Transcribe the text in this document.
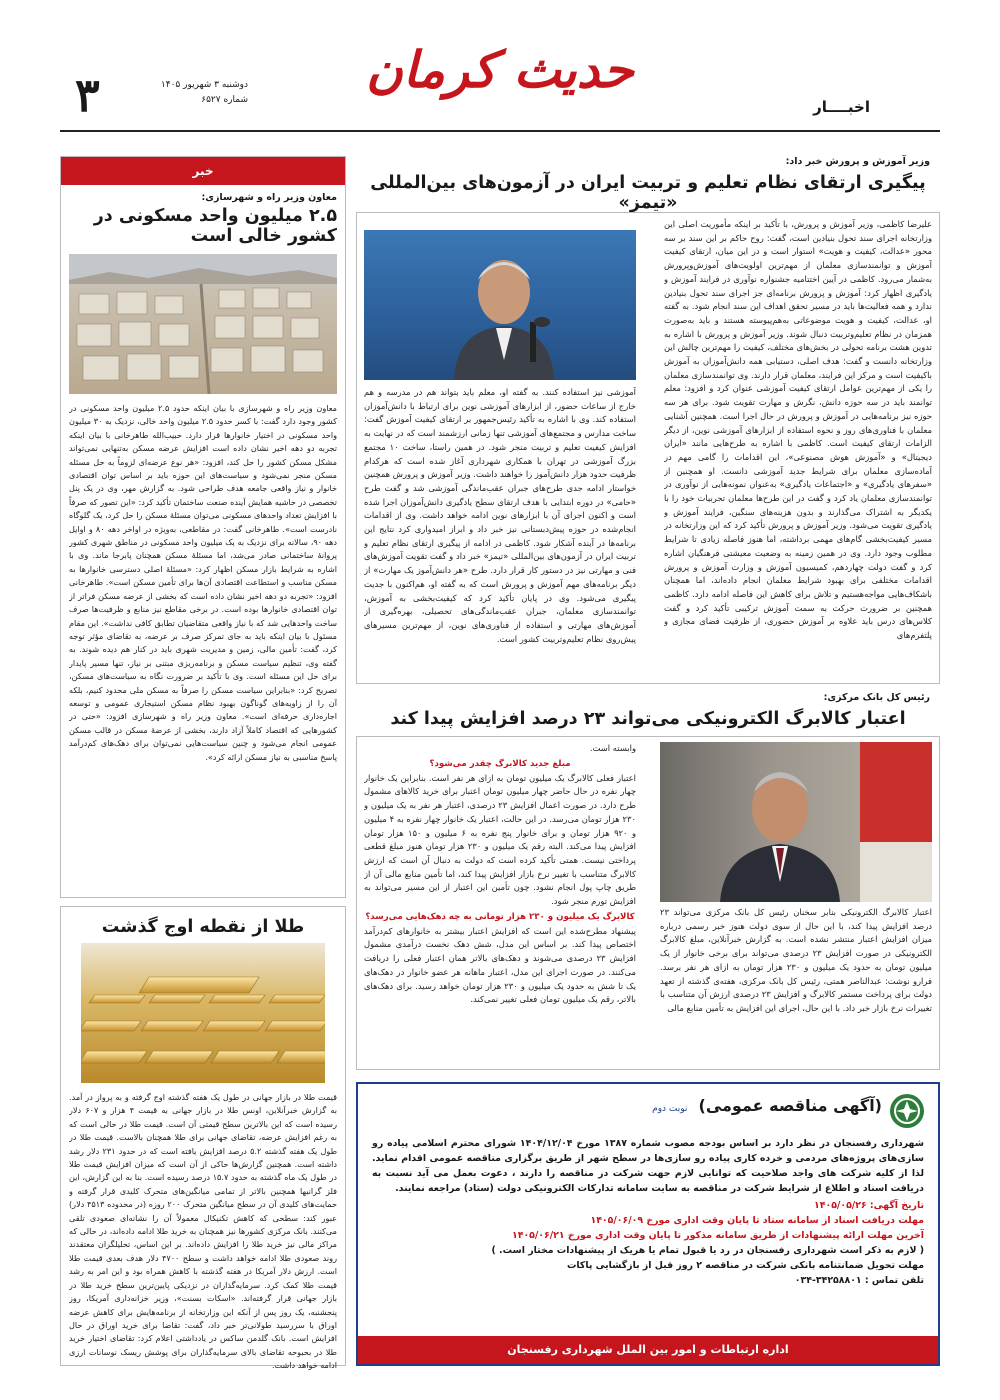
اخبــــار
حدیث کرمان
۳	دوشنبه ۳ شهریور ۱۴۰۵
شماره ۶۵۲۷
خبر
معاون وزیر راه و شهرسازی:
۲.۵ میلیون واحد مسکونی در کشور خالی است
معاون وزیر راه و شهرسازی با بیان اینکه حدود ۲.۵ میلیون واحد مسکونی در کشور وجود دارد گفت: با کسر حدود ۲.۵ میلیون واحد خالی، نزدیک به ۳۰ میلیون واحد مسکونی در اختیار خانوارها قرار دارد. حبیب‌الله طاهرخانی با بیان اینکه تجربه دو دهه اخیر نشان داده است افزایش عرضه مسکن به‌تنهایی نمی‌تواند مشکل مسکن کشور را حل کند، افزود: «هر نوع عرضه‌ای لزوماً به حل مسئله مسکن منجر نمی‌شود و سیاست‌های این حوزه باید بر اساس توان اقتصادی خانوار و نیاز واقعی جامعه هدف طراحی شود. به گزارش مهر، وی در یک پنل تخصصی در حاشیه همایش آینده صنعت ساختمان تأکید کرد: «این تصور که صرفاً با افزایش تعداد واحدهای مسکونی می‌توان مسئلهٔ مسکن را حل کرد، یک گلوگاه نادرست است». طاهرخانی گفت: در مقاطعی، به‌ویژه در اواخر دهه ۸۰ و اوایل دهه ۹۰، سالانه برای نزدیک به یک میلیون واحد مسکونی در مناطق شهری کشور پروانهٔ ساختمانی صادر می‌شد، اما مسئلهٔ مسکن همچنان پابرجا ماند. وی با اشاره به شرایط بازار مسکن اظهار کرد: «مسئلهٔ اصلی دسترسی خانوارها به مسکن مناسب و استطاعت اقتصادی آن‌ها برای تأمین مسکن است». طاهرخانی افزود: «تجربه دو دهه اخیر نشان داده است که بخشی از عرضه مسکن فراتر از توان اقتصادی خانوارها بوده است. در برخی مقاطع نیز منابع و ظرفیت‌ها صرف ساخت واحدهایی شد که با نیاز واقعی متقاضیان تطابق کافی نداشت». این مقام مسئول با بیان اینکه باید به جای تمرکز صرف بر عرضه، به تقاضای مؤثر توجه کرد، گفت: تأمین مالی، زمین و مدیریت شهری باید در کنار هم دیده شوند. به گفته وی، تنظیم سیاست مسکن و برنامه‌ریزی مبتنی بر نیاز، تنها مسیر پایدار برای حل این مسئله است. وی با تأکید بر ضرورت نگاه به سیاست‌های مسکن، تصریح کرد: «بنابراین سیاست مسکن را صرفاً به مسکن ملی محدود کنیم، بلکه آن را از زاویه‌های گوناگون بهبود نظام مسکن استیجاری عمومی و توسعه اجاره‌داری حرفه‌ای است». معاون وزیر راه و شهرسازی افزود: «حتی در کشورهایی که اقتصاد کاملاً آزاد دارند، بخشی از عرضهٔ مسکن در قالب مسکن عمومی انجام می‌شود و چنین سیاست‌هایی نمی‌توان برای دهک‌های کم‌درآمد پاسخ مناسبی به نیاز مسکن ارائه کرد».
طلا از نقطه اوج گذشت
قیمت طلا در بازار جهانی در طول یک هفته گذشته اوج گرفته و به پرواز در آمد. به گزارش خبرآنلاین، اونس طلا در بازار جهانی به قیمت ۴ هزار و ۶۰۷ دلار رسیده است که این بالاترین سطح قیمتی آن است. قیمت طلا در حالی است که به رغم افزایش عرضه، تقاضای جهانی برای طلا همچنان بالاست. قیمت طلا در طول یک هفته گذشته ۵.۲ درصد افزایش یافته است که در حدود ۲۳۱ دلار رشد داشته است. همچنین گزارش‌ها حاکی از آن است که میزان افزایش قیمت طلا در طول یک ماه گذشته به حدود ۱۵.۷ درصد رسیده است. بنا به این گزارش، این فلز گرانبها همچنین بالاتر از تمامی میانگین‌های متحرک کلیدی قرار گرفته و حمایت‌های کلیدی آن در سطح میانگین متحرک ۲۰۰ روزه (در محدوده ۴۵۱۳ دلار) عبور کند: سطحی که کاهش تکنیکال معمولاً آن را نشانه‌ای صعودی تلقی می‌کنند. بانک مرکزی کشورها نیز همچنان به خرید طلا ادامه داده‌اند، در حالی که مراکز مالی نیز خرید طلا را افزایش داده‌اند. بر این اساس، تحلیلگران معتقدند روند صعودی طلا ادامه خواهد داشت و سطح ۴۷۰۰ دلار هدف بعدی قیمت طلا است. ارزش دلار آمریکا در هفته گذشته با کاهش همراه بود و این امر به رشد قیمت طلا کمک کرد. سرمایه‌گذاران در نزدیکی پایین‌ترین سطح خرید طلا در بازار جهانی قرار گرفته‌اند. «اسکات بسنت»، وزیر خزانه‌داری آمریکا، روز پنجشنبه، یک روز پس از آنکه این وزارتخانه از برنامه‌هایش برای کاهش عرضه اوراق با سررسید طولانی‌تر خبر داد، گفت: تقاضا برای خرید اوراق در حال افزایش است. بانک گلدمن ساکس در یادداشتی اعلام کرد: تقاضای اختیار خرید طلا در بحبوحه تقاضای بالای سرمایه‌گذاران برای پوشش ریسک نوسانات ارزی ادامه خواهد داشت.
وزیر آموزش و پرورش خبر داد:
پیگیری ارتقای نظام تعلیم و تربیت ایران در آزمون‌های بین‌المللی «تیمز»
علیرضا کاظمی، وزیر آموزش و پرورش، با تأکید بر اینکه مأموریت اصلی این وزارتخانه اجرای سند تحول بنیادین است، گفت: روح حاکم بر این سند بر سه محور «عدالت، کیفیت و هویت» استوار است و در این میان، ارتقای کیفیت آموزش و توانمندسازی معلمان از مهم‌ترین اولویت‌های آموزش‌وپرورش به‌شمار می‌رود. کاظمی در آیین اختتامیه جشنواره نوآوری در فرایند آموزش و یادگیری اظهار کرد: آموزش و پرورش برنامه‌ای جز اجرای سند تحول بنیادین ندارد و همه فعالیت‌ها باید در مسیر تحقق اهداف این سند انجام شود. به گفته او، عدالت، کیفیت و هویت موضوعاتی به‌هم‌پیوسته هستند و باید به‌صورت همزمان در نظام تعلیم‌وتربیت دنبال شوند. وزیر آموزش و پرورش با اشاره به تدوین هشت برنامه تحولی در بخش‌های مختلف، کیفیت را مهم‌ترین چالش این وزارتخانه دانست و گفت: هدف اصلی، دستیابی همه دانش‌آموزان به آموزش باکیفیت است و مرکز این فرایند، معلمان قرار دارند. وی توانمندسازی معلمان را یکی از مهم‌ترین عوامل ارتقای کیفیت آموزشی عنوان کرد و افزود: معلم توانمند باید در سه حوزه دانش، نگرش و مهارت تقویت شود. برای هر سه حوزه نیز برنامه‌هایی در آموزش و پرورش در حال اجرا است. همچنین آشنایی معلمان با فناوری‌های روز و نحوه استفاده از ابزارهای آموزشی نوین، از دیگر الزامات ارتقای کیفیت است. کاظمی با اشاره به طرح‌هایی مانند «ایران دیجیتال» و «آموزش هوش مصنوعی»، این اقدامات را گامی مهم در آماده‌سازی معلمان برای شرایط جدید آموزشی دانست. او همچنین از «سفرهای یادگیری» و «اجتماعات یادگیری» به‌عنوان نمونه‌هایی از نوآوری در توانمندسازی معلمان یاد کرد و گفت در این طرح‌ها معلمان تجربیات خود را با یکدیگر به اشتراک می‌گذارند و بدون هزینه‌های سنگین، فرایند آموزش و یادگیری تقویت می‌شود. وزیر آموزش و پرورش تأکید کرد که این وزارتخانه در مسیر کیفیت‌بخشی گام‌های مهمی برداشته، اما هنوز فاصله زیادی تا شرایط مطلوب وجود دارد. وی در همین زمینه به وضعیت معیشتی فرهنگیان اشاره کرد و گفت دولت چهاردهم، کمیسیون آموزش و وزارت آموزش و پرورش اقدامات مختلفی برای بهبود شرایط معلمان انجام داده‌اند، اما همچنان باشکاف‌هایی مواجه‌هستیم و تلاش برای کاهش این فاصله ادامه دارد. کاظمی همچنین بر ضرورت حرکت به سمت آموزش ترکیبی تأکید کرد و گفت کلاس‌های درس باید علاوه بر آموزش حضوری، از ظرفیت فضای مجازی و پلتفرم‌های
آموزشی نیز استفاده کنند. به گفته او، معلم باید بتواند هم در مدرسه و هم خارج از ساعات حضور، از ابزارهای آموزشی نوین برای ارتباط با دانش‌آموزان استفاده کند. وی با اشاره به تأکید رئیس‌جمهور بر ارتقای کیفیت آموزش گفت: ساخت مدارس و مجتمع‌های آموزشی تنها زمانی ارزشمند است که در نهایت به افزایش کیفیت تعلیم و تربیت منجر شود. در همین راستا، ساخت ۱۰ مجتمع بزرگ آموزشی در تهران با همکاری شهرداری آغاز شده است که هرکدام ظرفیت حدود هزار دانش‌آموز را خواهند داشت. وزیر آموزش و پرورش همچنین خواستار ادامه جدی طرح‌های جبران عقب‌ماندگی آموزشی شد و گفت طرح «حامی» در دوره ابتدایی با هدف ارتقای سطح یادگیری دانش‌آموزان اجرا شده است و اکنون اجرای آن با ابزارهای نوین ادامه خواهد داشت. وی از اقدامات انجام‌شده در حوزه پیش‌دبستانی نیز خبر داد و ابراز امیدواری کرد نتایج این برنامه‌ها در آینده آشکار شود. کاظمی در ادامه از پیگیری ارتقای نظام تعلیم و تربیت ایران در آزمون‌های بین‌المللی «تیمز» خبر داد و گفت تقویت آموزش‌های فنی و مهارتی نیز در دستور کار قرار دارد. طرح «هر دانش‌آموز یک مهارت» از دیگر برنامه‌های مهم آموزش و پرورش است که به گفته او، هم‌اکنون با جدیت پیگیری می‌شود. وی در پایان تأکید کرد که کیفیت‌بخشی به آموزش، توانمندسازی معلمان، جبران عقب‌ماندگی‌های تحصیلی، بهره‌گیری از آموزش‌های مهارتی و استفاده از فناوری‌های نوین، از مهم‌ترین مسیرهای پیش‌روی نظام تعلیم‌وتربیت کشور است.
رئیس کل بانک مرکزی:
اعتبار کالابرگ الکترونیکی می‌تواند ۲۳ درصد افزایش پیدا کند
اعتبار کالابرگ الکترونیکی بنابر سخنان رئیس کل بانک مرکزی می‌تواند ۲۳ درصد افزایش پیدا کند، با این حال از سوی دولت هنوز خبر رسمی درباره میزان افزایش اعتبار منتشر نشده است. به گزارش خبرآنلاین، مبلغ کالابرگ الکترونیکی در صورت افزایش ۲۳ درصدی می‌تواند برای برخی خانوار از یک میلیون تومان به حدود یک میلیون و ۲۳۰ هزار تومان به ازای هر نفر برسد. فرارو نوشت: عبدالناصر همتی، رئیس کل بانک مرکزی، هفته‌ی گذشته از تعهد دولت برای پرداخت مستمر کالابرگ و افزایش ۲۳ درصدی ارزش آن متناسب با تغییرات نرخ بازار خبر داد. با این حال، اجرای این افزایش به تأمین منابع مالی
وابسته است.
مبلغ جدید کالابرگ چقدر می‌شود؟
اعتبار فعلی کالابرگ یک میلیون تومان به ازای هر نفر است. بنابراین یک خانوار چهار نفره در حال حاضر چهار میلیون تومان اعتبار برای خرید کالاهای مشمول طرح دارد. در صورت اعمال افزایش ۲۳ درصدی، اعتبار هر نفر به یک میلیون و ۲۳۰ هزار تومان می‌رسد. در این حالت، اعتبار یک خانوار چهار نفره به ۴ میلیون و ۹۲۰ هزار تومان و برای خانوار پنج نفره به ۶ میلیون و ۱۵۰ هزار تومان افزایش پیدا می‌کند. البته رقم یک میلیون و ۲۳۰ هزار تومان هنوز مبلغ قطعی پرداختی نیست. همتی تأکید کرده است که دولت به دنبال آن است که ارزش کالابرگ متناسب با تغییر نرخ بازار افزایش پیدا کند، اما تأمین منابع مالی آن از طریق چاپ پول انجام نشود. چون تأمین این اعتبار از این مسیر می‌تواند به افزایش تورم منجر شود.
کالابرگ یک میلیون و ۲۳۰ هزار تومانی به چه دهک‌هایی می‌رسد؟
پیشنهاد مطرح‌شده این است که افزایش اعتبار بیشتر به خانوارهای کم‌درآمد اختصاص پیدا کند. بر اساس این مدل، شش دهک نخست درآمدی مشمول افزایش ۲۳ درصدی می‌شوند و دهک‌های بالاتر همان اعتبار فعلی را دریافت می‌کنند. در صورت اجرای این مدل، اعتبار ماهانه هر عضو خانوار در دهک‌های یک تا شش به حدود یک میلیون و ۲۳۰ هزار تومان خواهد رسید. برای دهک‌های بالاتر، رقم یک میلیون تومان فعلی تغییر نمی‌کند.
(آگهی مناقصه عمومی) نوبت دوم
شهرداری رفسنجان در نظر دارد بر اساس بودجه مصوب شماره ۱۳۸۷ مورخ ۱۴۰۴/۱۲/۰۴ شورای محترم اسلامی پیاده رو سازی‌های پروژه‌های مردمی و خرده کاری پیاده رو سازی‌ها در سطح شهر از طریق برگزاری مناقصه عمومی اقدام نماید. لذا از کلیه شرکت های واجد صلاحیت که توانایی لازم جهت شرکت در مناقصه را دارند ، دعوت بعمل می آید نسبت به دریافت اسناد و اطلاع از شرایط شرکت در مناقصه به سایت سامانه تدارکات الکترونیکی دولت (ستاد) مراجعه نمایند.
تاریخ آگهی: ۱۴۰۵/۰۵/۲۶
مهلت دریافت اسناد از سامانه ستاد تا پایان وقت اداری مورخ ۱۴۰۵/۰۶/۰۹
آخرین مهلت ارائه پیشنهادات از طریق سامانه مذکور تا پایان وقت اداری مورخ ۱۴۰۵/۰۶/۲۱
( لازم به ذکر است شهرداری رفسنجان در رد یا قبول تمام یا هریک از پیشنهادات مختار است. )
مهلت تحویل ضمانتنامه بانکی شرکت در مناقصه ۲ روز قبل از بازگشایی پاکات
تلفن تماس : ۳۴۲۵۸۸۰۱-۰۳۴
اداره ارتباطات و امور بین الملل شهرداری رفسنجان
